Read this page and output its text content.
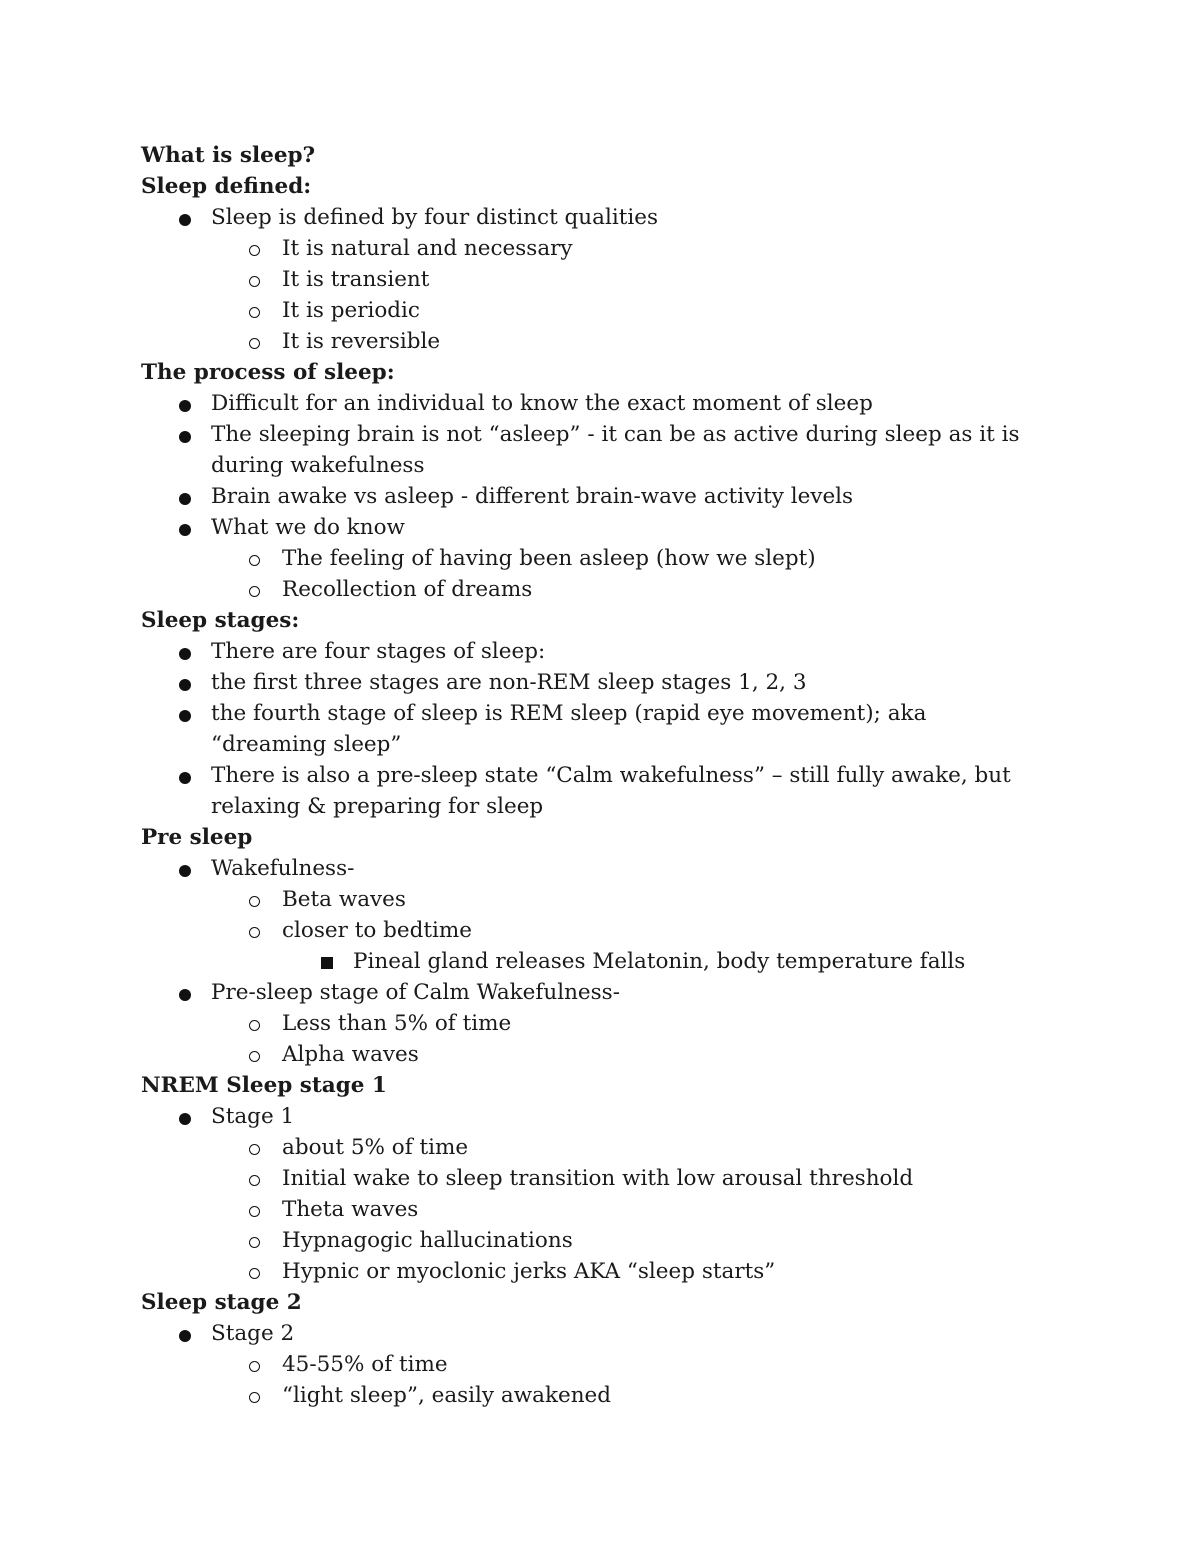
What is sleep?
Sleep defined:
Sleep is defined by four distinct qualities
It is natural and necessary
It is transient
It is periodic
It is reversible
The process of sleep:
Difficult for an individual to know the exact moment of sleep
The sleeping brain is not “asleep” - it can be as active during sleep as it is during wakefulness
Brain awake vs asleep - different brain-wave activity levels
What we do know
The feeling of having been asleep (how we slept)
Recollection of dreams
Sleep stages:
There are four stages of sleep:
the first three stages are non-REM sleep stages 1, 2, 3
the fourth stage of sleep is REM sleep (rapid eye movement); aka “dreaming sleep”
There is also a pre-sleep state “Calm wakefulness” – still fully awake, but relaxing & preparing for sleep
Pre sleep
Wakefulness-
Beta waves
closer to bedtime
Pineal gland releases Melatonin, body temperature falls
Pre-sleep stage of Calm Wakefulness-
Less than 5% of time
Alpha waves
NREM Sleep stage 1
Stage 1
about 5% of time
Initial wake to sleep transition with low arousal threshold
Theta waves
Hypnagogic hallucinations
Hypnic or myoclonic jerks AKA “sleep starts”
Sleep stage 2
Stage 2
45-55% of time
“light sleep”, easily awakened
